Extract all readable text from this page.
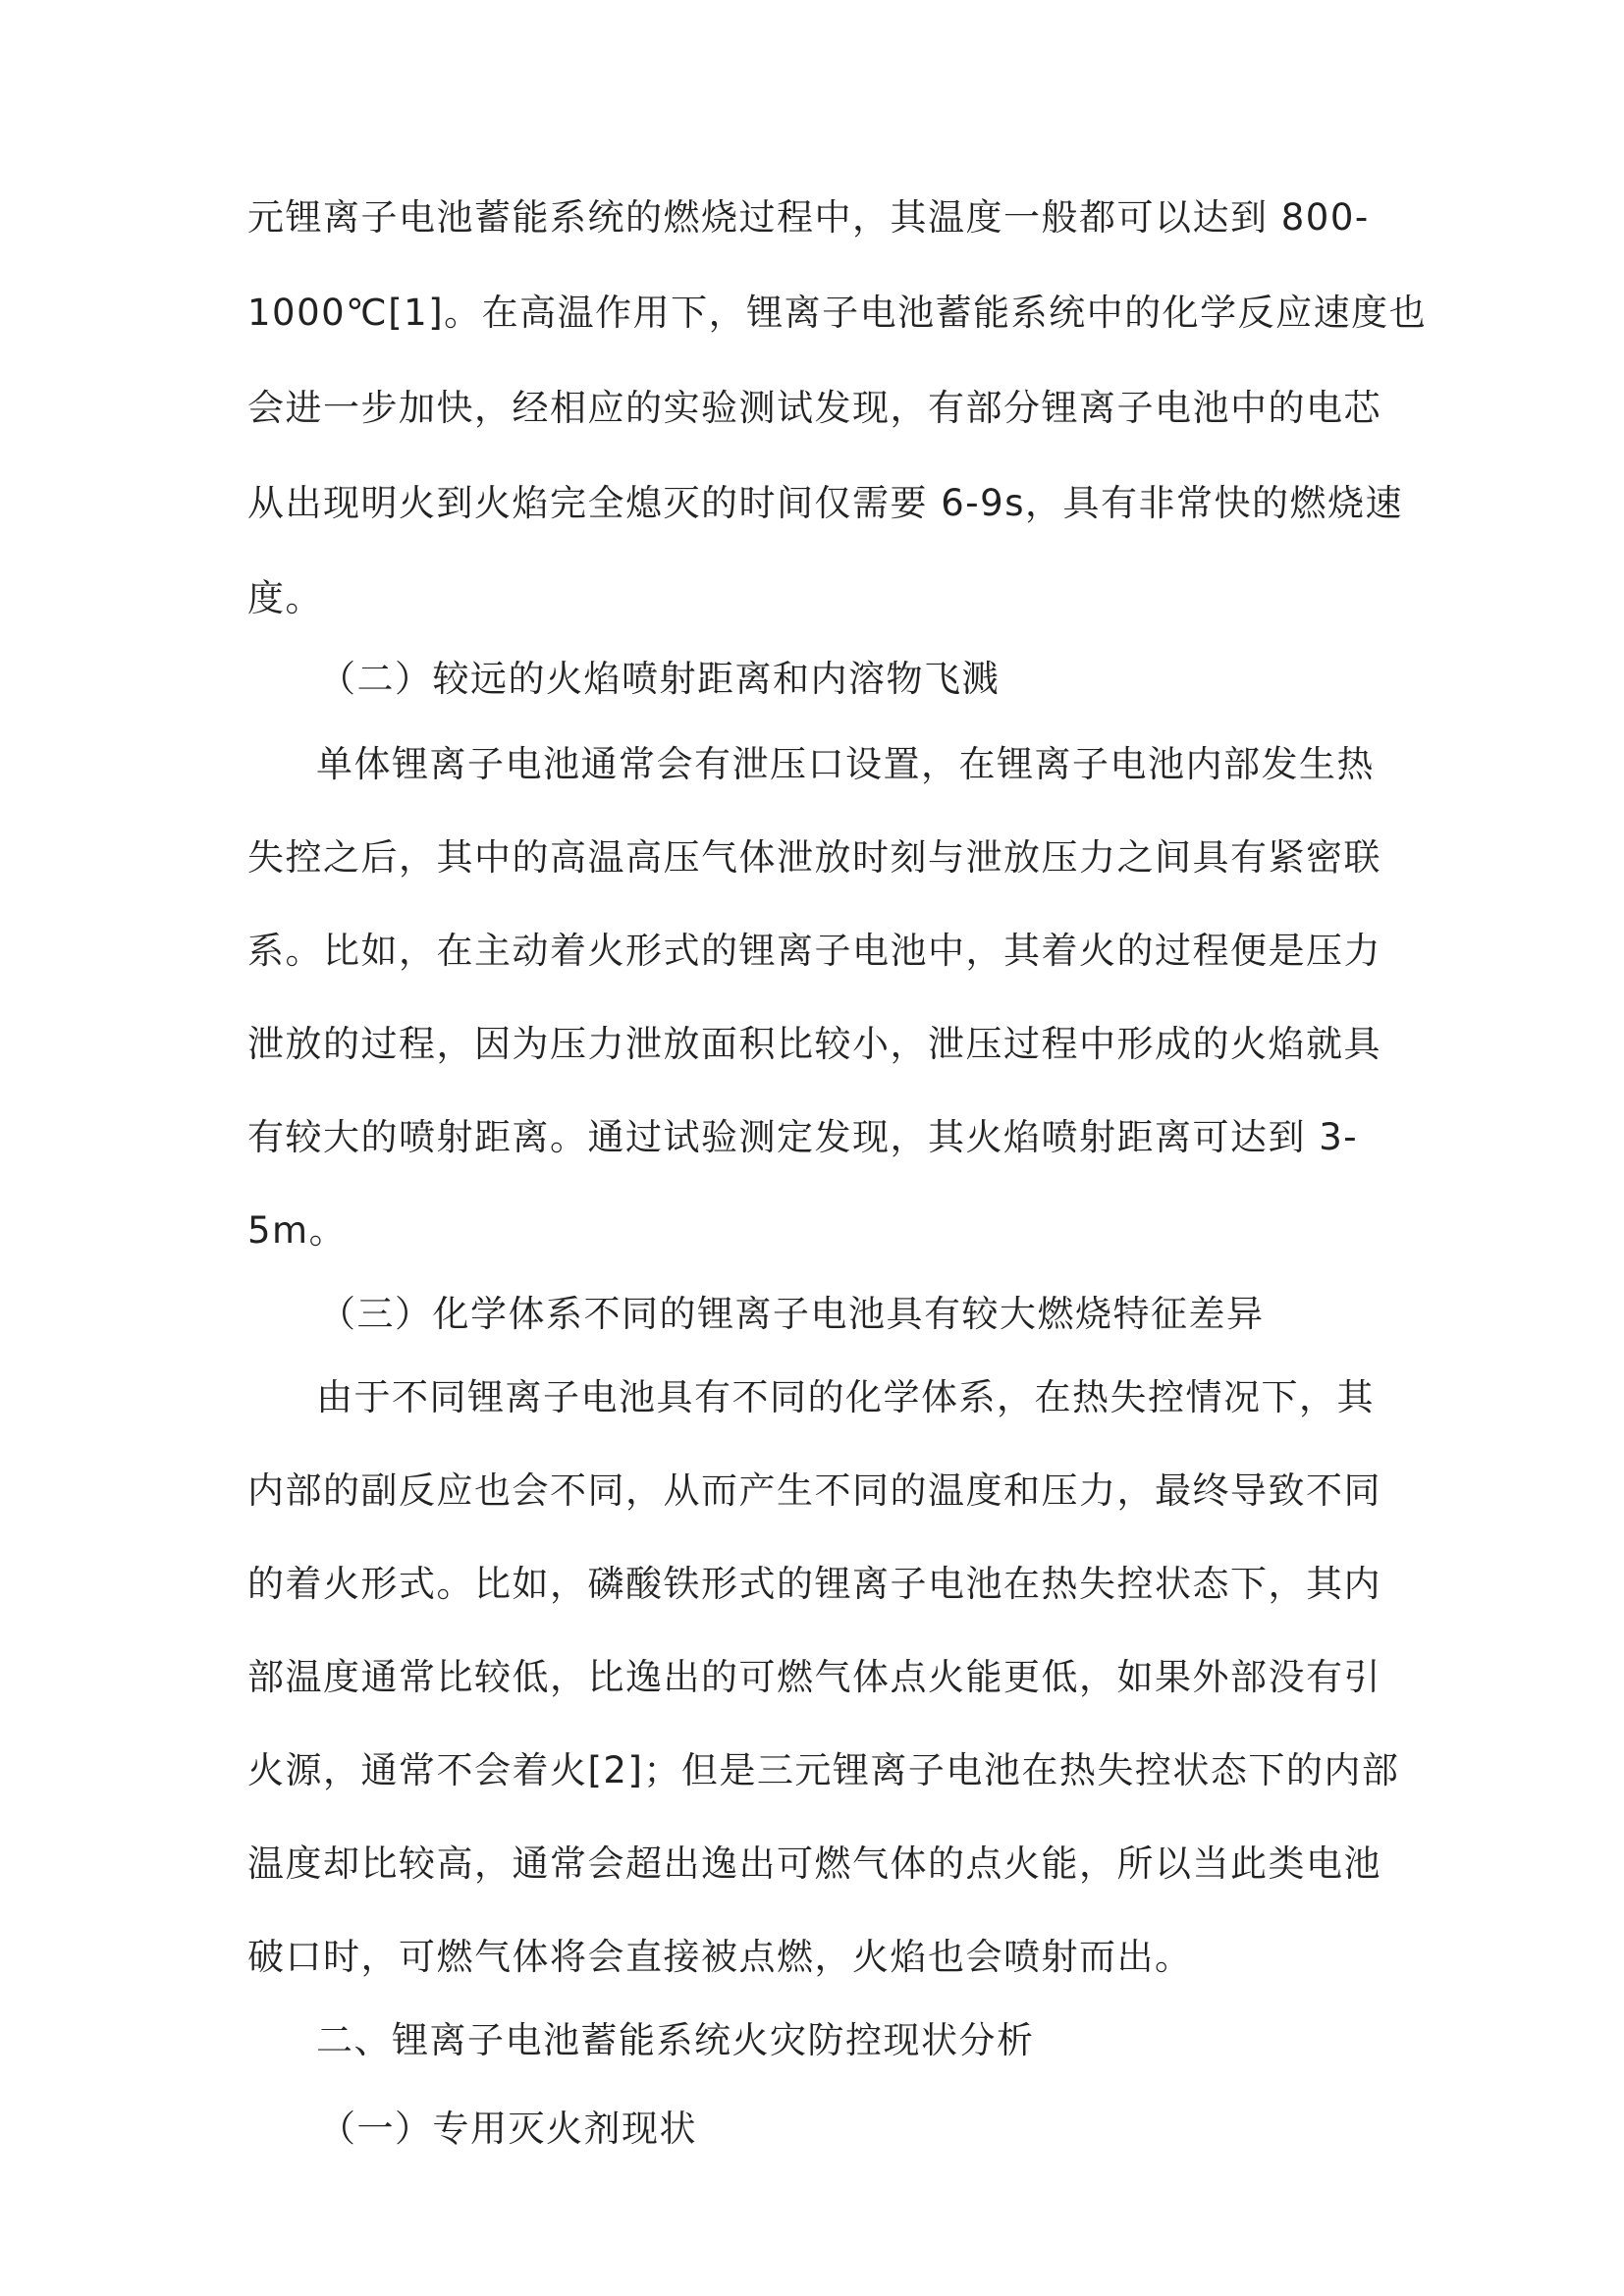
元锂离子电池蓄能系统的燃烧过程中，其温度一般都可以达到 800-
1000℃[1]。在高温作用下，锂离子电池蓄能系统中的化学反应速度也
会进一步加快，经相应的实验测试发现，有部分锂离子电池中的电芯
从出现明火到火焰完全熄灭的时间仅需要 6-9s，具有非常快的燃烧速
度。
（二）较远的火焰喷射距离和内溶物飞溅
单体锂离子电池通常会有泄压口设置，在锂离子电池内部发生热
失控之后，其中的高温高压气体泄放时刻与泄放压力之间具有紧密联
系。比如，在主动着火形式的锂离子电池中，其着火的过程便是压力
泄放的过程，因为压力泄放面积比较小，泄压过程中形成的火焰就具
有较大的喷射距离。通过试验测定发现，其火焰喷射距离可达到 3-
5m。
（三）化学体系不同的锂离子电池具有较大燃烧特征差异
由于不同锂离子电池具有不同的化学体系，在热失控情况下，其
内部的副反应也会不同，从而产生不同的温度和压力，最终导致不同
的着火形式。比如，磷酸铁形式的锂离子电池在热失控状态下，其内
部温度通常比较低，比逸出的可燃气体点火能更低，如果外部没有引
火源，通常不会着火[2]；但是三元锂离子电池在热失控状态下的内部
温度却比较高，通常会超出逸出可燃气体的点火能，所以当此类电池
破口时，可燃气体将会直接被点燃，火焰也会喷射而出。
二、锂离子电池蓄能系统火灾防控现状分析
（一）专用灭火剂现状
